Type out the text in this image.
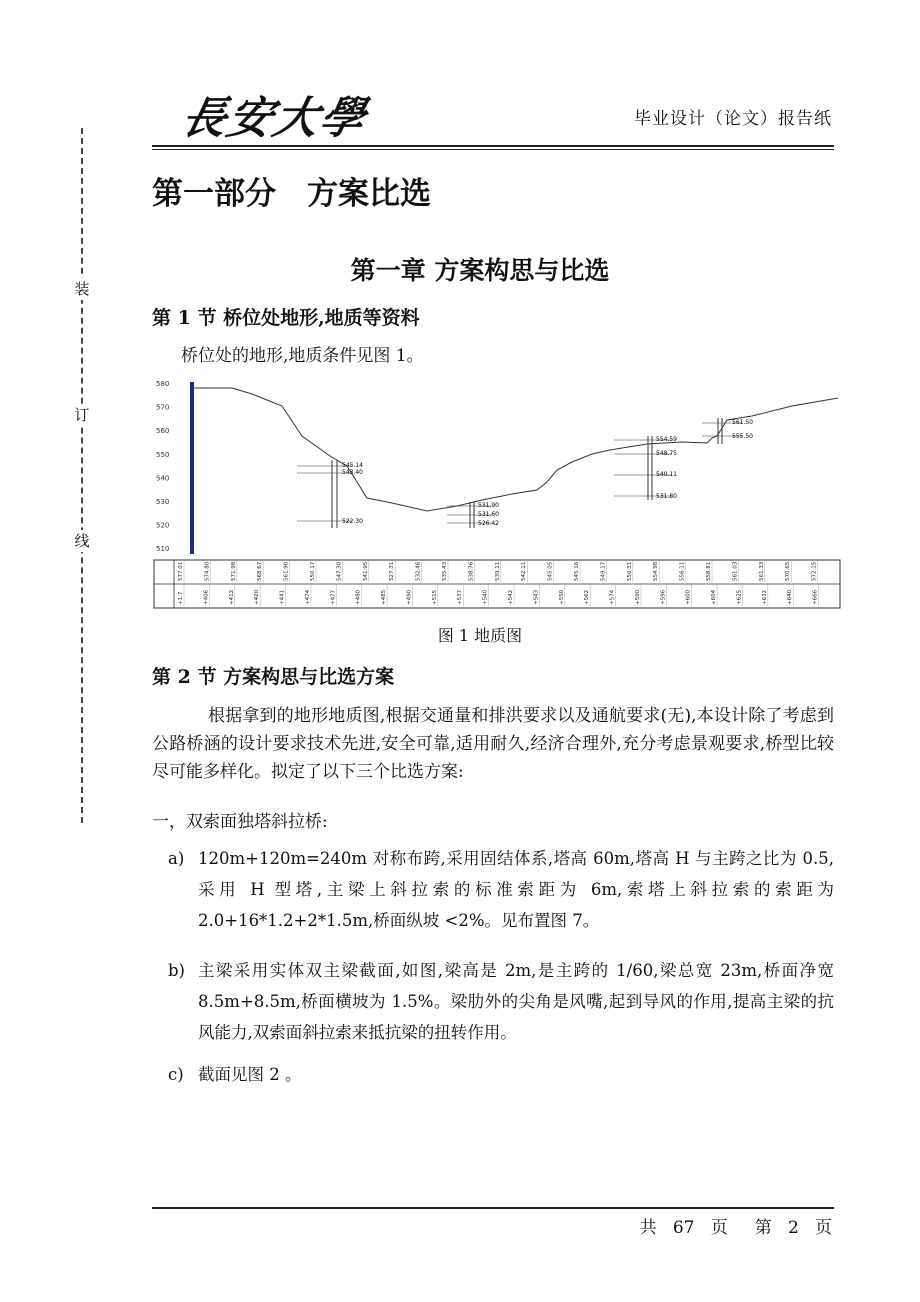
装
订
线
長安大學	毕业设计（论文）报告纸
第一部分　方案比选
第一章 方案构思与比选
第 1 节 桥位处地形,地质等资料
桥位处的地形,地质条件见图 1。
580
570
560
550
540
530
520
510
545.14
543.40
522.30
531.90
531.60
526.42
554.59
548.75
540.11
531.80
561.50
555.50
577.01	574.80	571.98	568.67	561.90	550.17	547.30	541.95	527.31	532.46	535.43	538.76	539.11	542.11	545.05	545.16	549.17	550.31	554.98	556.11	558.81	561.03	561.33	570.65	572.15
+1.7	+406	+412	+420	+441	+474	+477	+480	+485	+490	+515	+537	+540	+542	+543	+550	+562	+574	+590	+596	+600	+604	+625	+632	+640	+666
图 1 地质图
第 2 节 方案构思与比选方案
根据拿到的地形地质图,根据交通量和排洪要求以及通航要求(无),本设计除了考虑到公路桥涵的设计要求技术先进,安全可靠,适用耐久,经济合理外,充分考虑景观要求,桥型比较尽可能多样化。拟定了以下三个比选方案:
一，双索面独塔斜拉桥:
a) 120m+120m=240m 对称布跨,采用固结体系,塔高 60m,塔高 H 与主跨之比为 0.5,采用 H 型塔,主梁上斜拉索的标准索距为 6m,索塔上斜拉索的索距为 2.0+16*1.2+2*1.5m,桥面纵坡 <2%。见布置图 7。
b) 主梁采用实体双主梁截面,如图,梁高是 2m,是主跨的 1/60,梁总宽 23m,桥面净宽 8.5m+8.5m,桥面横坡为 1.5%。梁肋外的尖角是风嘴,起到导风的作用,提高主梁的抗风能力,双索面斜拉索来抵抗梁的扭转作用。
c) 截面见图 2 。
共 67 页 第 2 页
